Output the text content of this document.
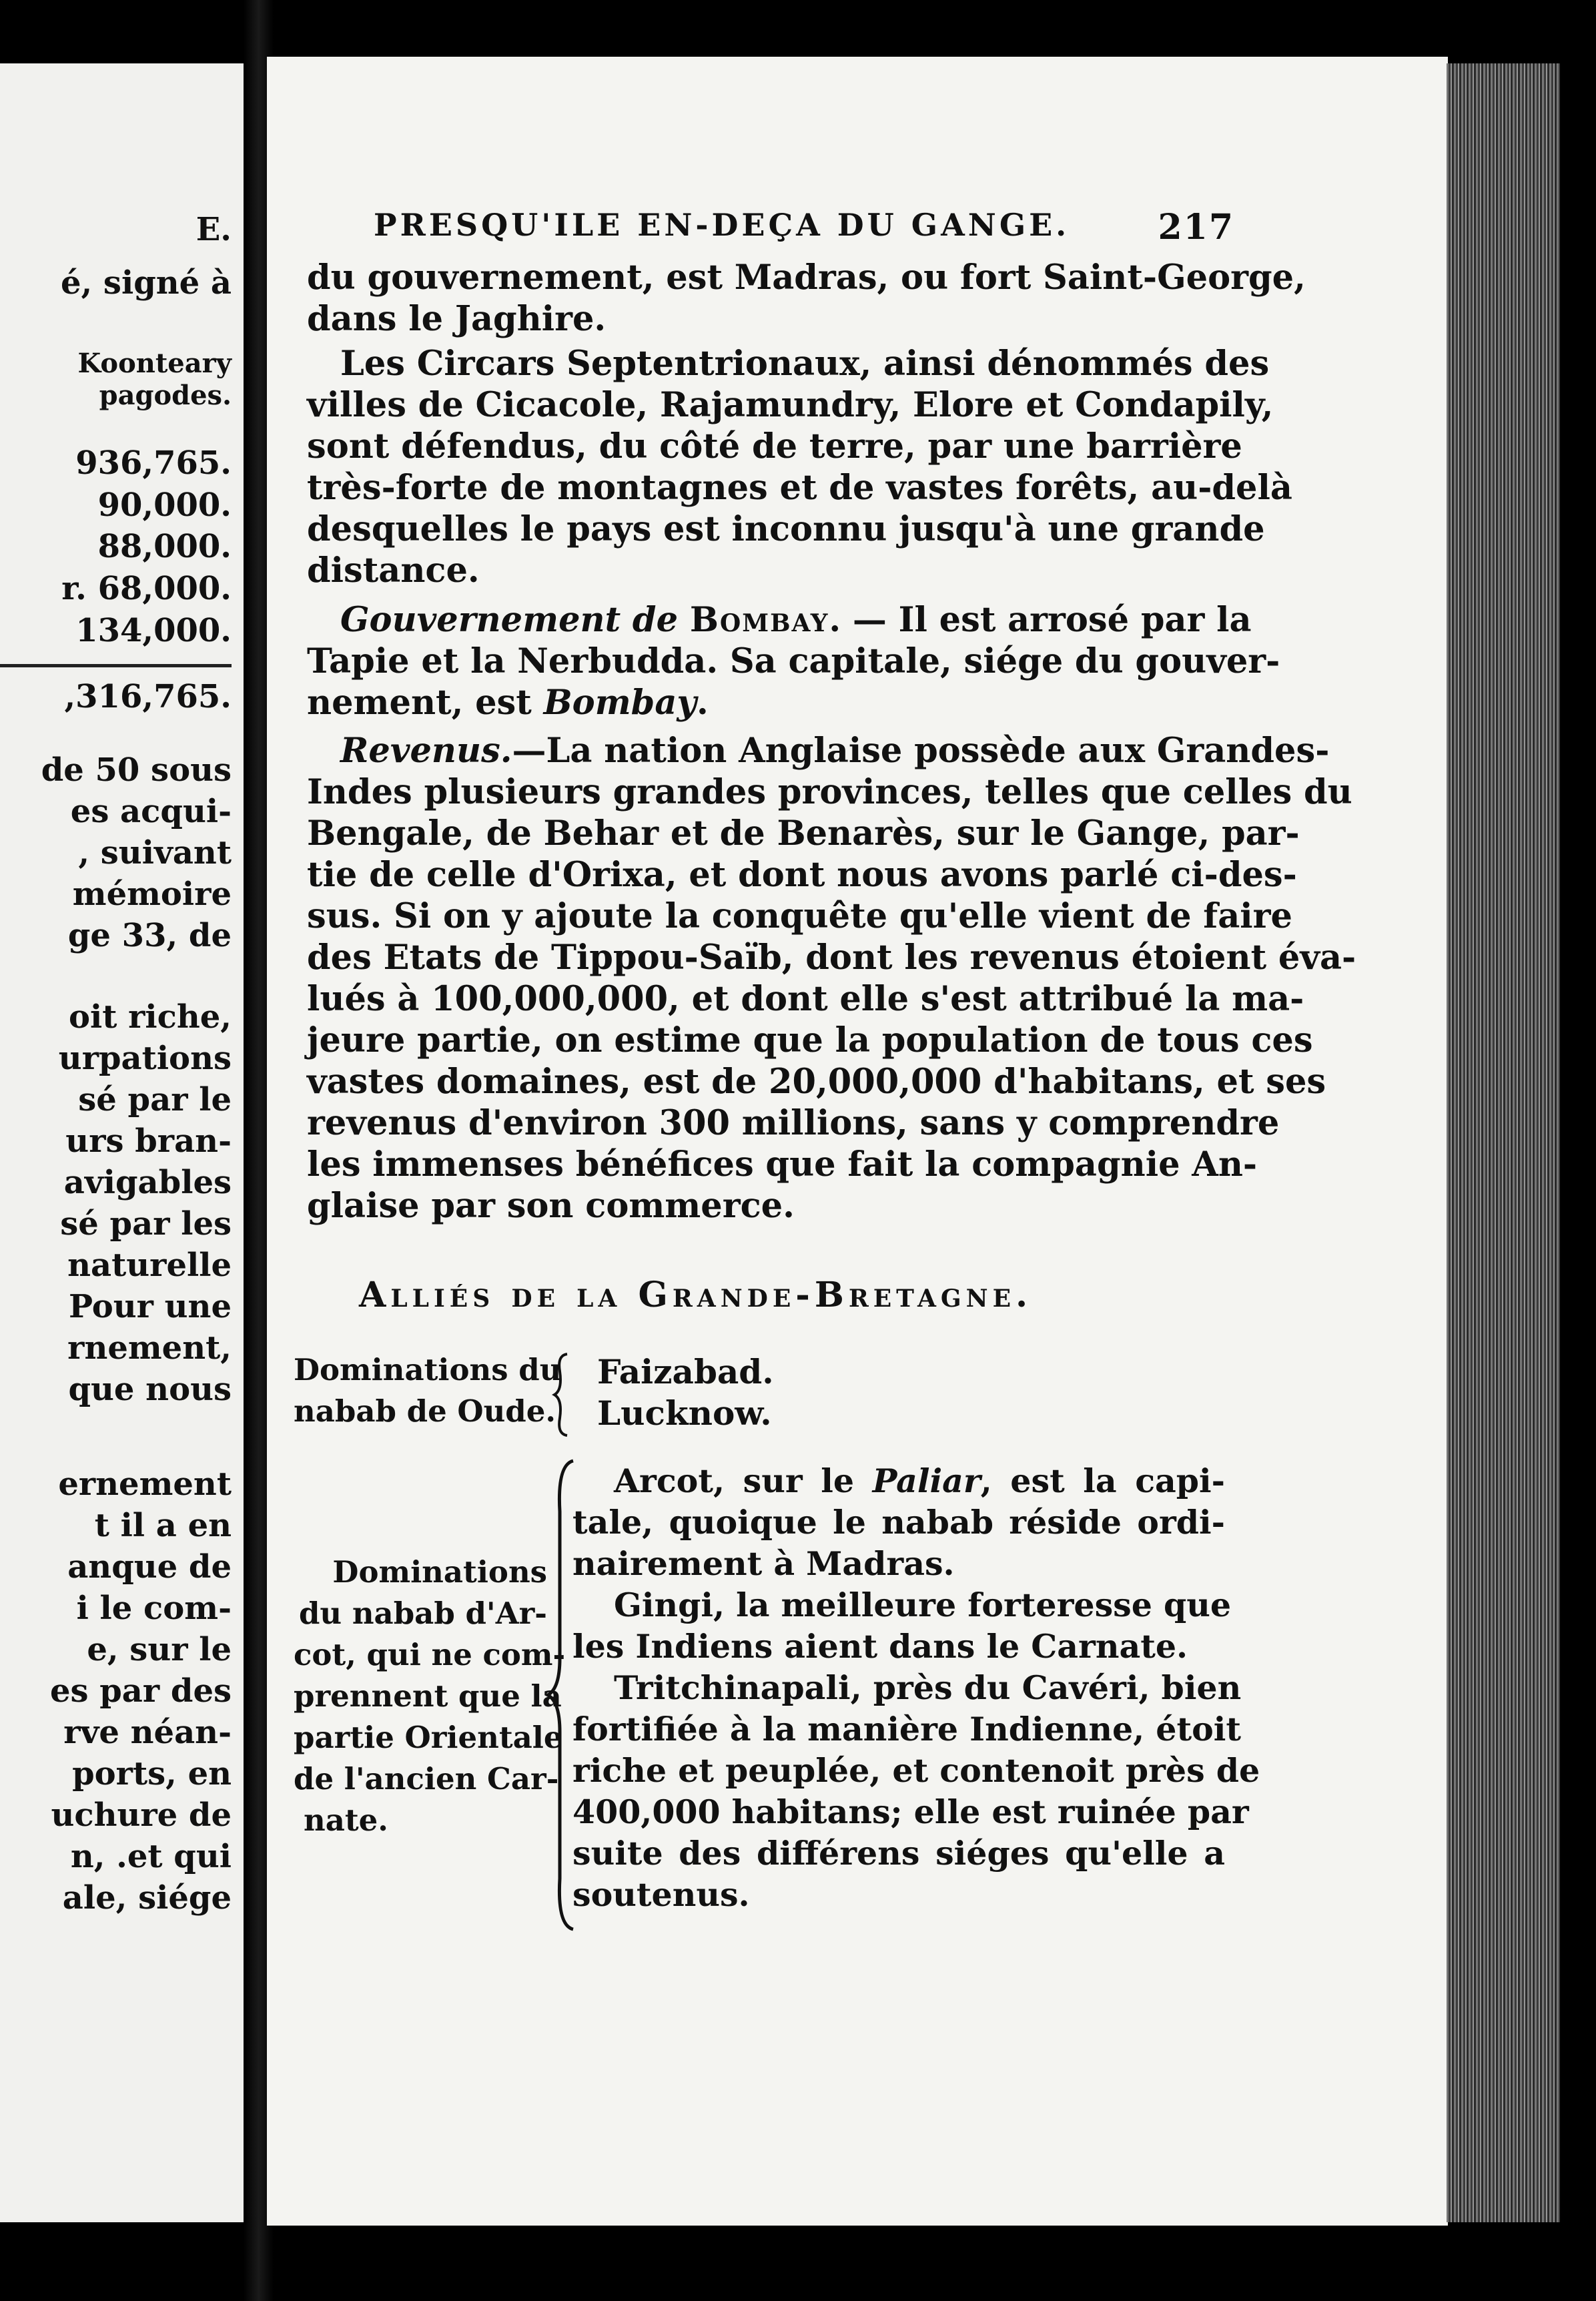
E.
é, signé à
Koonteary
pagodes.
936,765.
90,000.
88,000.
r. 68,000.
134,000.
,316,765.
de 50 sous
es acqui-
, suivant
mémoire
ge 33, de
oit riche,
urpations
sé par le
urs bran-
avigables
sé par les
naturelle
Pour une
rnement,
que nous
ernement
t il a en
anque de
i le com-
e, sur le
es par des
rve néan-
ports, en
uchure de
n, .et qui
ale, siége
PRESQU'ILE EN-DEÇA DU GANGE.	217
du gouvernement, est Madras, ou fort Saint-George,
dans le Jaghire.
Les Circars Septentrionaux, ainsi dénommés des
villes de Cicacole, Rajamundry, Elore et Condapily,
sont défendus, du côté de terre, par une barrière
très-forte de montagnes et de vastes forêts, au-delà
desquelles le pays est inconnu jusqu'à une grande
distance.
Gouvernement de Bombay. — Il est arrosé par la
Tapie et la Nerbudda. Sa capitale, siége du gouver-
nement, est Bombay.
Revenus.—La nation Anglaise possède aux Grandes-
Indes plusieurs grandes provinces, telles que celles du
Bengale, de Behar et de Benarès, sur le Gange, par-
tie de celle d'Orixa, et dont nous avons parlé ci-des-
sus. Si on y ajoute la conquête qu'elle vient de faire
des Etats de Tippou-Saïb, dont les revenus étoient éva-
lués à 100,000,000, et dont elle s'est attribué la ma-
jeure partie, on estime que la population de tous ces
vastes domaines, est de 20,000,000 d'habitans, et ses
revenus d'environ 300 millions, sans y comprendre
les immenses bénéfices que fait la compagnie An-
glaise par son commerce.
Alliés de la Grande-Bretagne.
Dominations du
nabab de Oude.
Faizabad.
Lucknow.
Dominations
du nabab d'Ar-
cot, qui ne com-
prennent que la
partie Orientale
de l'ancien Car-
nate.
Arcot, sur le Paliar, est la capi-
tale, quoique le nabab réside ordi-
nairement à Madras.
Gingi, la meilleure forteresse que
les Indiens aient dans le Carnate.
Tritchinapali, près du Cavéri, bien
fortifiée à la manière Indienne, étoit
riche et peuplée, et contenoit près de
400,000 habitans; elle est ruinée par
suite des différens siéges qu'elle a
soutenus.
